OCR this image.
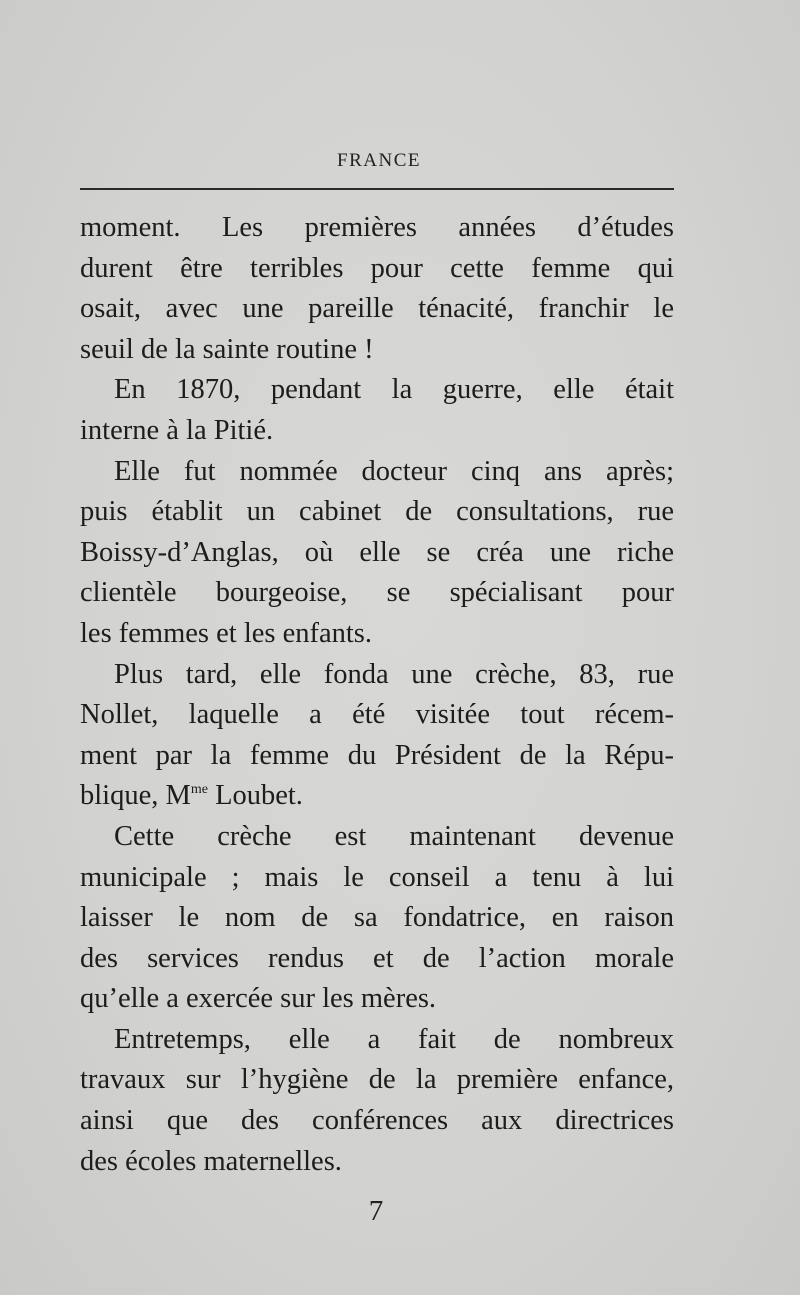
FRANCE
moment. Les premières années d’études
durent être terribles pour cette femme qui
osait, avec une pareille ténacité, franchir le
seuil de la sainte routine !
En 1870, pendant la guerre, elle était
interne à la Pitié.
Elle fut nommée docteur cinq ans après;
puis établit un cabinet de consultations, rue
Boissy-d’Anglas, où elle se créa une riche
clientèle bourgeoise, se spécialisant pour
les femmes et les enfants.
Plus tard, elle fonda une crèche, 83, rue
Nollet, laquelle a été visitée tout récem-
ment par la femme du Président de la Répu-
blique, $M^{me}$ Loubet.
Cette crèche est maintenant devenue
municipale ; mais le conseil a tenu à lui
laisser le nom de sa fondatrice, en raison
des services rendus et de l’action morale
qu’elle a exercée sur les mères.
Entretemps, elle a fait de nombreux
travaux sur l’hygiène de la première enfance,
ainsi que des conférences aux directrices
des écoles maternelles.
7
